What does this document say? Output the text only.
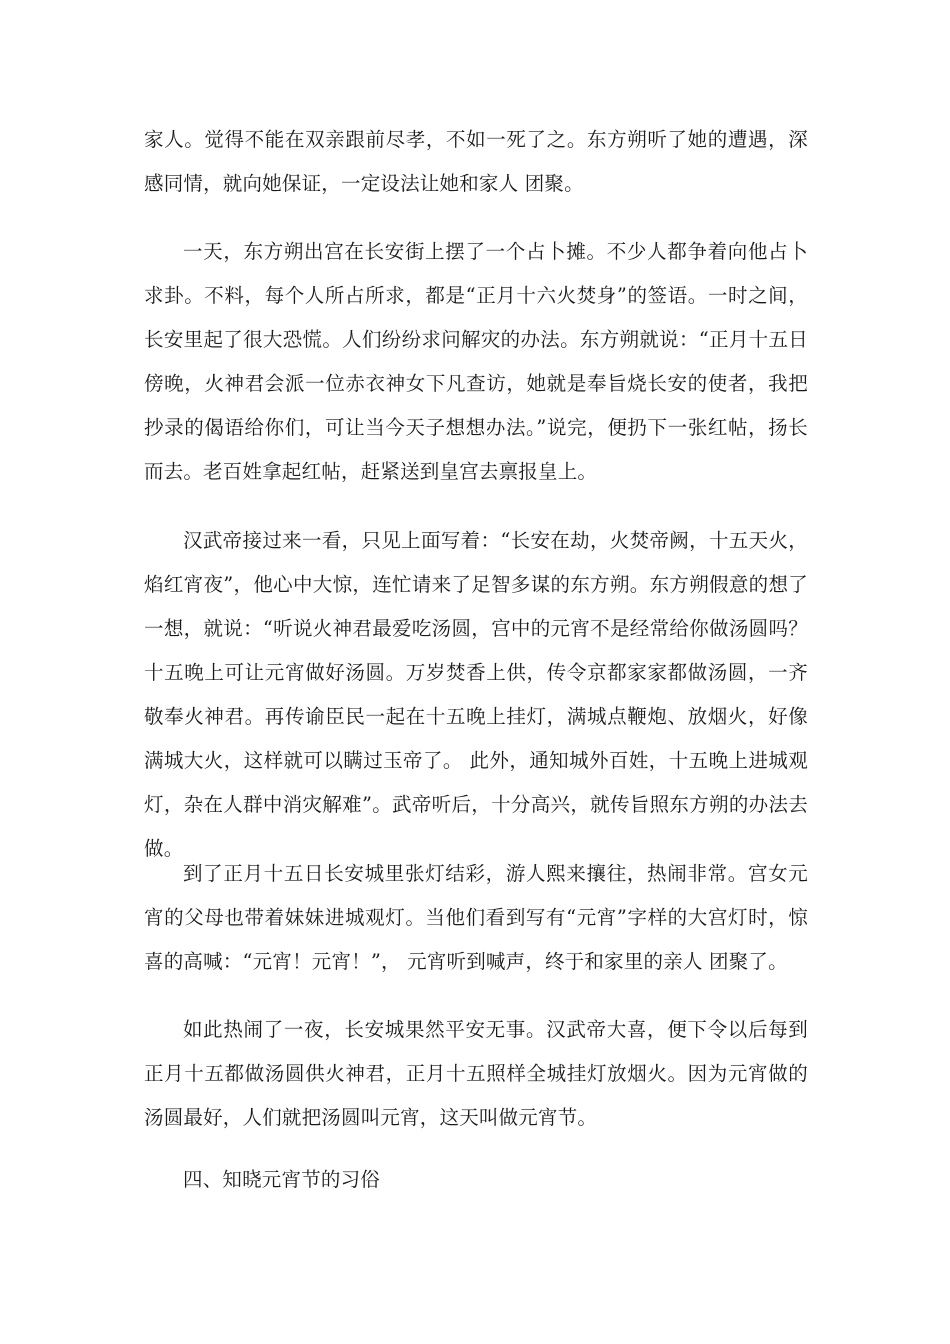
家人。觉得不能在双亲跟前尽孝，不如一死了之。东方朔听了她的遭遇，深感同情，就向她保证，一定设法让她和家人 团聚。

一天，东方朔出宫在长安街上摆了一个占卜摊。不少人都争着向他占卜求卦。不料，每个人所占所求，都是“正月十六火焚身”的签语。一时之间，长安里起了很大恐慌。人们纷纷求问解灾的办法。东方朔就说：“正月十五日傍晚，火神君会派一位赤衣神女下凡查访，她就是奉旨烧长安的使者，我把抄录的偈语给你们，可让当今天子想想办法。”说完，便扔下一张红帖，扬长而去。老百姓拿起红帖，赶紧送到皇宫去禀报皇上。

汉武帝接过来一看，只见上面写着：“长安在劫，火焚帝阙，十五天火，焰红宵夜”，他心中大惊，连忙请来了足智多谋的东方朔。东方朔假意的想了一想，就说：“听说火神君最爱吃汤圆，宫中的元宵不是经常给你做汤圆吗？十五晚上可让元宵做好汤圆。万岁焚香上供，传令京都家家都做汤圆，一齐敬奉火神君。再传谕臣民一起在十五晚上挂灯，满城点鞭炮、放烟火，好像满城大火，这样就可以瞒过玉帝了。 此外，通知城外百姓，十五晚上进城观灯，杂在人群中消灾解难”。武帝听后，十分高兴，就传旨照东方朔的办法去做。

到了正月十五日长安城里张灯结彩，游人熙来攘往，热闹非常。宫女元宵的父母也带着妹妹进城观灯。当他们看到写有“元宵”字样的大宫灯时，惊喜的高喊：“元宵！元宵！”， 元宵听到喊声，终于和家里的亲人 团聚了。

如此热闹了一夜，长安城果然平安无事。汉武帝大喜，便下令以后每到正月十五都做汤圆供火神君，正月十五照样全城挂灯放烟火。因为元宵做的汤圆最好，人们就把汤圆叫元宵，这天叫做元宵节。

四、知晓元宵节的习俗
